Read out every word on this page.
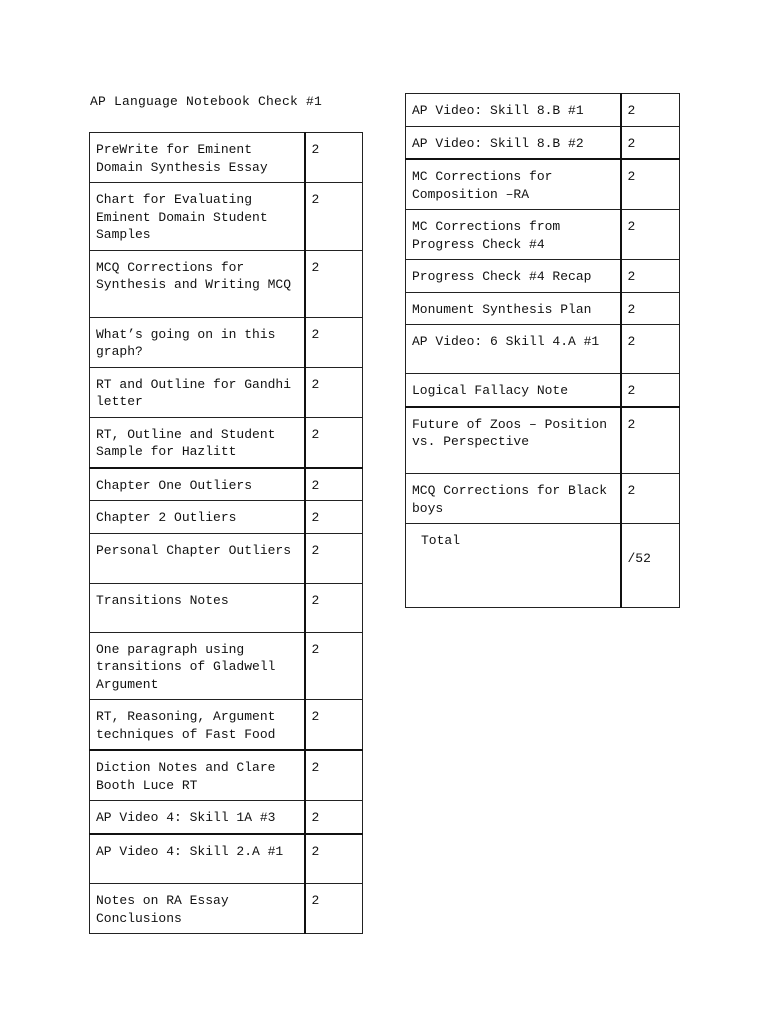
AP Language Notebook Check #1
PreWrite for Eminent Domain Synthesis Essay	2
Chart for Evaluating Eminent Domain Student Samples	2
MCQ Corrections for Synthesis and Writing MCQ	2
What’s going on in this graph?	2
RT and Outline for Gandhi letter	2
RT, Outline and Student Sample for Hazlitt	2
Chapter One Outliers	2
Chapter 2 Outliers	2
Personal Chapter Outliers	2
Transitions Notes	2
One paragraph using transitions of Gladwell Argument	2
RT, Reasoning, Argument techniques of Fast Food	2
Diction Notes and Clare Booth Luce RT	2
AP Video 4: Skill 1A #3	2
AP Video 4: Skill 2.A #1	2
Notes on RA Essay Conclusions	2
AP Video: Skill 8.B #1	2
AP Video: Skill 8.B #2	2
MC Corrections for Composition –RA	2
MC Corrections from Progress Check #4	2
Progress Check #4 Recap	2
Monument Synthesis Plan	2
AP Video: 6 Skill 4.A #1	2
Logical Fallacy Note	2
Future of Zoos – Position vs. Perspective	2
MCQ Corrections for Black boys	2
Total	/52
